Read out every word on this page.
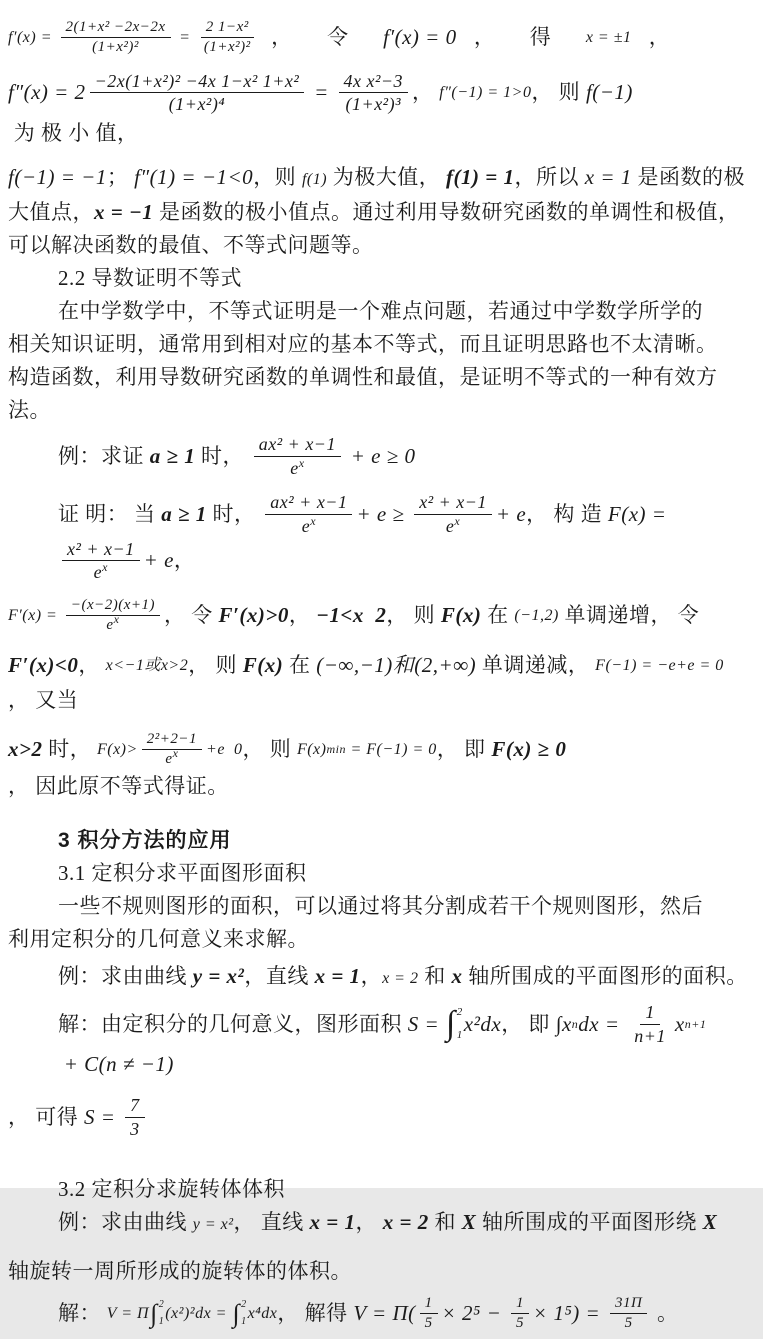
$f'(x) = \frac{\text{2(1+x² −2x−2x}}{\text{(1+x²)²}} = \frac{\text{2 1−x²}}{\text{(1+x²)²}}$ ，      令 f′(x) = 0 ，      得 x = ±1 ，
$f''(x) = 2 \frac{\text{−2x(1+x²)² −4x 1−x² 1+x²}}{\text{(1+x²)⁴}} = \frac{\text{4x x²−3}}{\text{(1+x²)³}}$ ， f″(−1) = 1>0 ， 则 f(−1)
为 极 小 值，
f(−1) = −1； f″(1) = −1<0，则 f(1) 为极大值， f(1) = 1，所以 x = 1 是函数的极
大值点，x = −1 是函数的极小值点。通过利用导数研究函数的单调性和极值，
可以解决函数的最值、不等式问题等。
2.2 导数证明不等式
在中学数学中，不等式证明是一个难点问题，若通过中学数学所学的
相关知识证明，通常用到相对应的基本不等式，而且证明思路也不太清晰。
构造函数，利用导数研究函数的单调性和最值，是证明不等式的一种有效方
法。
例：求证 a ≥ 1 时， $\frac{\text{ax² + x−1}}{e^x} + e \ge 0$
证 明： 当 a ≥ 1 时， $\frac{\text{ax² + x−1}}{e^x} + e \ge \frac{\text{x² + x−1}}{e^x} + e$ ， 构 造 F(x) =
$\frac{\text{x² + x−1}}{e^x} + e$ ，
$F'(x) = \frac{-(x-2)(x+1)}{e^x}$ ， 令 F′(x)>0 ， −1<x  2 ， 则 F(x) 在 (−1,2) 单调递增， 令
F′(x)<0 ， x<−1或x>2 ， 则 F(x) 在 (−∞,−1)和(2,+∞) 单调递减， F(−1) = −e+e = 0
， 又当
x>2 时， $F(x)> \frac{\text{2²+2−1}}{e^x} +e$  0 ， 则 F(x) min = F(−1) = 0 ， 即 F(x) ≥ 0
， 因此原不等式得证。
3 积分方法的应用
3.1 定积分求平面图形面积
一些不规则图形的面积，可以通过将其分割成若干个规则图形，然后
利用定积分的几何意义来求解。
例：求由曲线 y = x²，直线 x = 1，x = 2 和 x 轴所围成的平面图形的面积。
解：由定积分的几何意义，图形面积 S = ∫ 2
1 x²dx ， 即 ∫x n dx = $\frac{1}{n+1}$ x n+1
+ C(n ≠ −1)
， 可得 $S = \frac{7}{3}$
3.2 定积分求旋转体体积
例：求由曲线 y = x²， 直线 x = 1， x = 2 和 X 轴所围成的平面图形绕 X
轴旋转一周所形成的旋转体的体积。
解： V = Π ∫ 2
1 (x²)²dx = ∫ 2
1 x⁴dx ， 解得 $V = \Pi( \frac{1}{5} \times 2^5 - \frac{1}{5} \times 1^5) = \frac{31\Pi}{5}$ 。
